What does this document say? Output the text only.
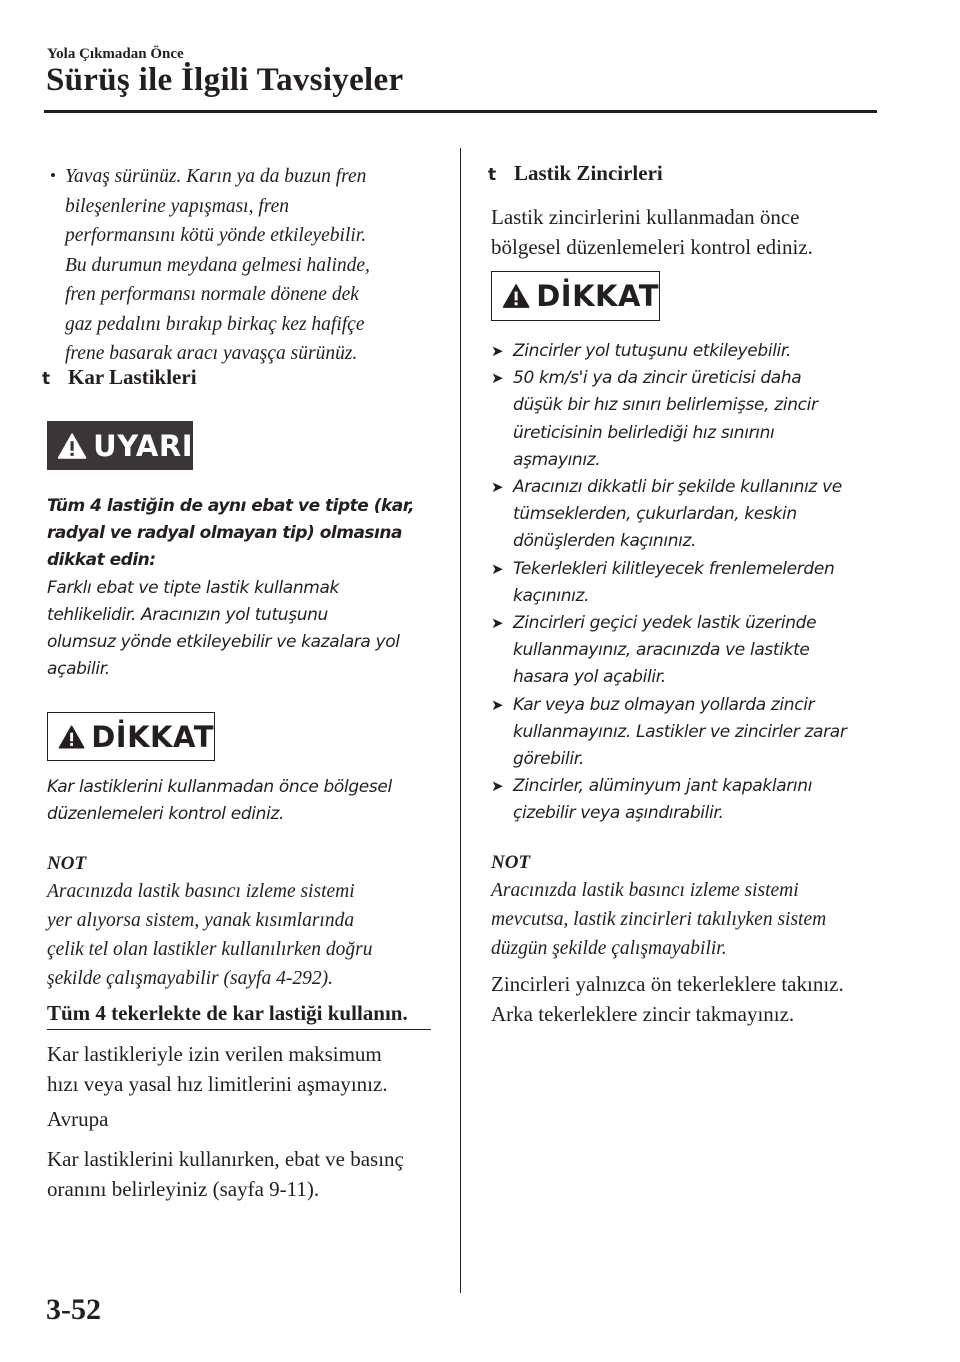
Yola Çıkmadan Önce
Sürüş ile İlgili Tavsiyeler
• Yavaş sürünüz. Karın ya da buzun fren
bileşenlerine yapışması, fren
performansını kötü yönde etkileyebilir.
Bu durumun meydana gelmesi halinde,
fren performansı normale dönene dek
gaz pedalını bırakıp birkaç kez hafifçe
frene basarak aracı yavaşça sürünüz.
t Kar Lastikleri
UYARI
Tüm 4 lastiğin de aynı ebat ve tipte (kar,
radyal ve radyal olmayan tip) olmasına
dikkat edin:
Farklı ebat ve tipte lastik kullanmak
tehlikelidir. Aracınızın yol tutuşunu
olumsuz yönde etkileyebilir ve kazalara yol
açabilir.
DİKKAT
Kar lastiklerini kullanmadan önce bölgesel
düzenlemeleri kontrol ediniz.
NOT
Aracınızda lastik basıncı izleme sistemi
yer alıyorsa sistem, yanak kısımlarında
çelik tel olan lastikler kullanılırken doğru
şekilde çalışmayabilir (sayfa 4-292).
Tüm 4 tekerlekte de kar lastiği kullanın.
Kar lastikleriyle izin verilen maksimum
hızı veya yasal hız limitlerini aşmayınız.
Avrupa
Kar lastiklerini kullanırken, ebat ve basınç
oranını belirleyiniz (sayfa 9-11).
t Lastik Zincirleri
Lastik zincirlerini kullanmadan önce
bölgesel düzenlemeleri kontrol ediniz.
DİKKAT
➤ Zincirler yol tutuşunu etkileyebilir.
➤ 50 km/s'i ya da zincir üreticisi daha
düşük bir hız sınırı belirlemişse, zincir
üreticisinin belirlediği hız sınırını
aşmayınız.
➤ Aracınızı dikkatli bir şekilde kullanınız ve
tümseklerden, çukurlardan, keskin
dönüşlerden kaçınınız.
➤ Tekerlekleri kilitleyecek frenlemelerden
kaçınınız.
➤ Zincirleri geçici yedek lastik üzerinde
kullanmayınız, aracınızda ve lastikte
hasara yol açabilir.
➤ Kar veya buz olmayan yollarda zincir
kullanmayınız. Lastikler ve zincirler zarar
görebilir.
➤ Zincirler, alüminyum jant kapaklarını
çizebilir veya aşındırabilir.
NOT
Aracınızda lastik basıncı izleme sistemi
mevcutsa, lastik zincirleri takılıyken sistem
düzgün şekilde çalışmayabilir.
Zincirleri yalnızca ön tekerleklere takınız.
Arka tekerleklere zincir takmayınız.
3-52
